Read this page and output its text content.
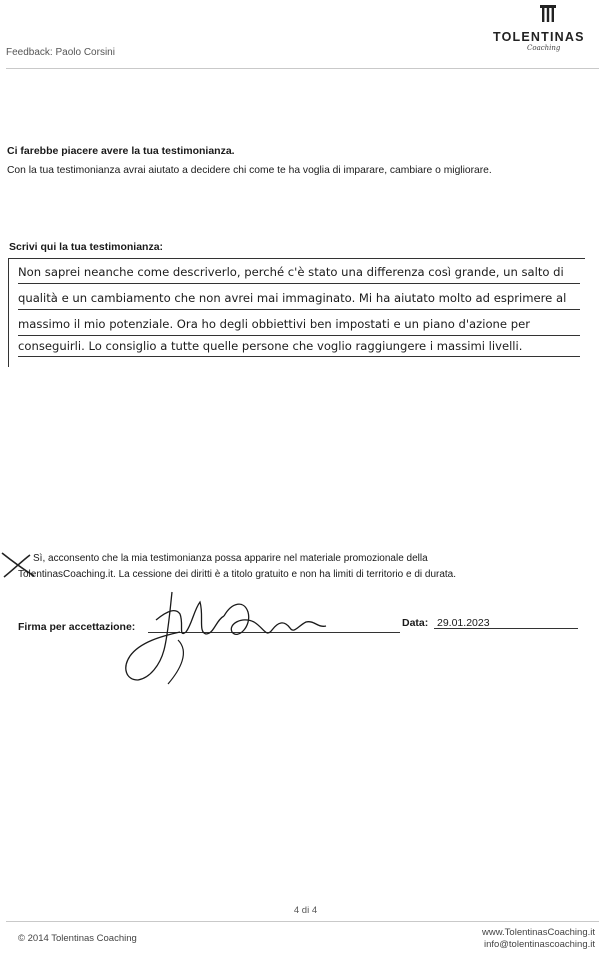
Feedback: Paolo Corsini
TOLENTINAS
Coaching
Ci farebbe piacere avere la tua testimonianza.
Con la tua testimonianza avrai aiutato a decidere chi come te ha voglia di imparare, cambiare o migliorare.
Scrivi qui la tua testimonianza:
Non saprei neanche come descriverlo, perché c'è stato una differenza così grande, un salto di
qualità e un cambiamento che non avrei mai immaginato. Mi ha aiutato molto ad esprimere al
massimo il mio potenziale. Ora ho degli obbiettivi ben impostati e un piano d'azione per
conseguirli. Lo consiglio a tutte quelle persone che voglio raggiungere i massimi livelli.
Sì, acconsento che la mia testimonianza possa apparire nel materiale promozionale della
TolentinasCoaching.it. La cessione dei diritti è a titolo gratuito e non ha limiti di territorio e di durata.
Firma per accettazione:	Data: 29.01.2023
4 di 4
© 2014 Tolentinas Coaching
www.TolentinasCoaching.it
info@tolentinascoaching.it
